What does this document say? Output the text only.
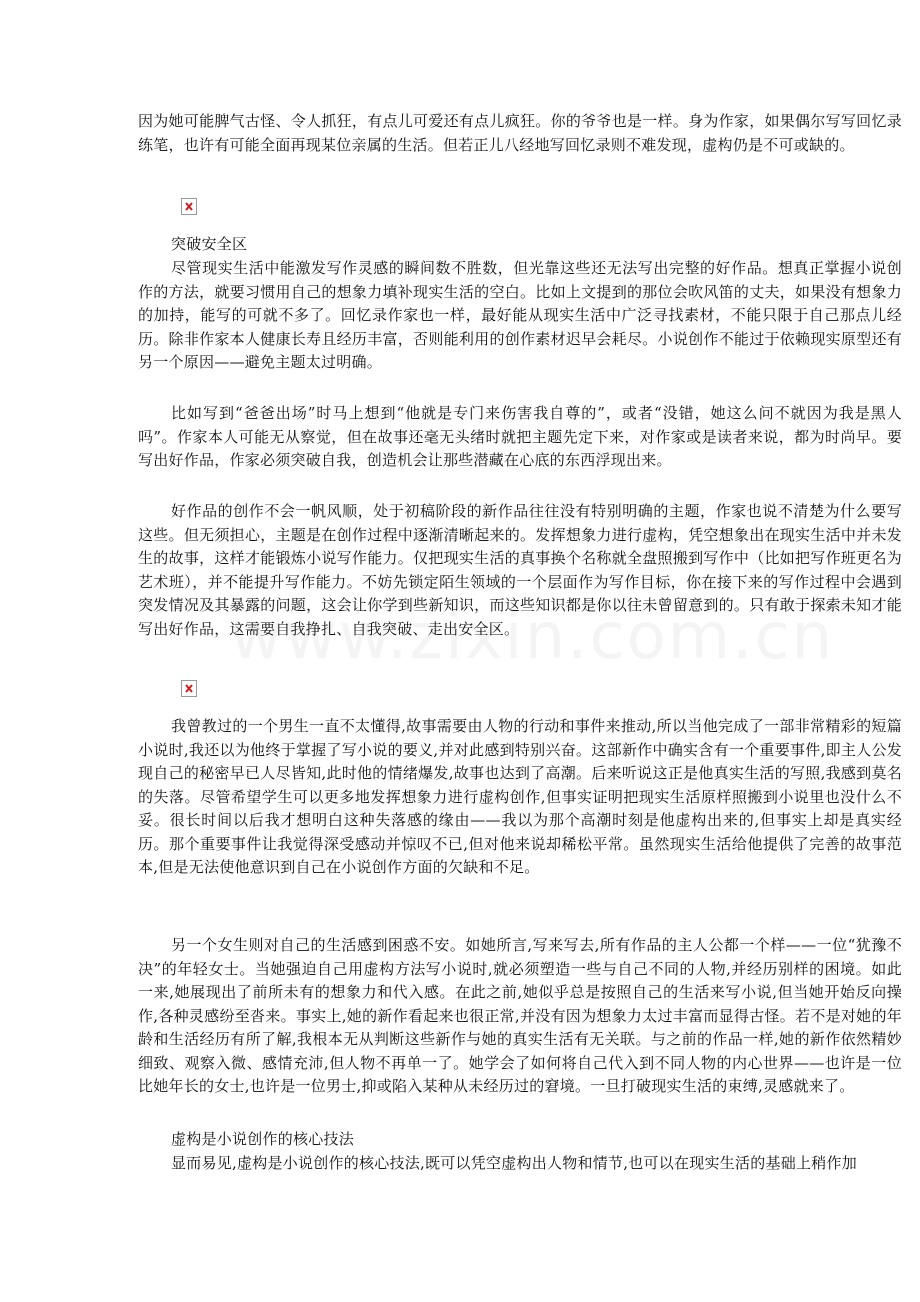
因为她可能脾气古怪、令人抓狂，有点儿可爱还有点儿疯狂。你的爷爷也是一样。身为作家，如果偶尔写写回忆录练笔，也许有可能全面再现某位亲属的生活。但若正儿八经地写回忆录则不难发现，虚构仍是不可或缺的。

突破安全区

尽管现实生活中能激发写作灵感的瞬间数不胜数，但光靠这些还无法写出完整的好作品。想真正掌握小说创作的方法，就要习惯用自己的想象力填补现实生活的空白。比如上文提到的那位会吹风笛的丈夫，如果没有想象力的加持，能写的可就不多了。回忆录作家也一样，最好能从现实生活中广泛寻找素材，不能只限于自己那点儿经历。除非作家本人健康长寿且经历丰富，否则能利用的创作素材迟早会耗尽。小说创作不能过于依赖现实原型还有另一个原因——避免主题太过明确。

比如写到“爸爸出场”时马上想到“他就是专门来伤害我自尊的”，或者“没错，她这么问不就因为我是黑人吗”。作家本人可能无从察觉，但在故事还毫无头绪时就把主题先定下来，对作家或是读者来说，都为时尚早。要写出好作品，作家必须突破自我，创造机会让那些潜藏在心底的东西浮现出来。

好作品的创作不会一帆风顺，处于初稿阶段的新作品往往没有特别明确的主题，作家也说不清楚为什么要写这些。但无须担心，主题是在创作过程中逐渐清晰起来的。发挥想象力进行虚构，凭空想象出在现实生活中并未发生的故事，这样才能锻炼小说写作能力。仅把现实生活的真事换个名称就全盘照搬到写作中（比如把写作班更名为艺术班），并不能提升写作能力。不妨先锁定陌生领域的一个层面作为写作目标，你在接下来的写作过程中会遇到突发情况及其暴露的问题，这会让你学到些新知识，而这些知识都是你以往未曾留意到的。只有敢于探索未知才能写出好作品，这需要自我挣扎、自我突破、走出安全区。

我曾教过的一个男生一直不太懂得,故事需要由人物的行动和事件来推动,所以当他完成了一部非常精彩的短篇小说时,我还以为他终于掌握了写小说的要义,并对此感到特别兴奋。这部新作中确实含有一个重要事件,即主人公发现自己的秘密早已人尽皆知,此时他的情绪爆发,故事也达到了高潮。后来听说这正是他真实生活的写照,我感到莫名的失落。尽管希望学生可以更多地发挥想象力进行虚构创作,但事实证明把现实生活原样照搬到小说里也没什么不妥。很长时间以后我才想明白这种失落感的缘由——我以为那个高潮时刻是他虚构出来的,但事实上却是真实经历。那个重要事件让我觉得深受感动并惊叹不已,但对他来说却稀松平常。虽然现实生活给他提供了完善的故事范本,但是无法使他意识到自己在小说创作方面的欠缺和不足。

另一个女生则对自己的生活感到困惑不安。如她所言,写来写去,所有作品的主人公都一个样——一位“犹豫不决”的年轻女士。当她强迫自己用虚构方法写小说时,就必须塑造一些与自己不同的人物,并经历别样的困境。如此一来,她展现出了前所未有的想象力和代入感。在此之前,她似乎总是按照自己的生活来写小说,但当她开始反向操作,各种灵感纷至沓来。事实上,她的新作看起来也很正常,并没有因为想象力太过丰富而显得古怪。若不是对她的年龄和生活经历有所了解,我根本无从判断这些新作与她的真实生活有无关联。与之前的作品一样,她的新作依然精妙细致、观察入微、感情充沛,但人物不再单一了。她学会了如何将自己代入到不同人物的内心世界——也许是一位比她年长的女士,也许是一位男士,抑或陷入某种从未经历过的窘境。一旦打破现实生活的束缚,灵感就来了。

虚构是小说创作的核心技法

显而易见,虚构是小说创作的核心技法,既可以凭空虚构出人物和情节,也可以在现实生活的基础上稍作加
